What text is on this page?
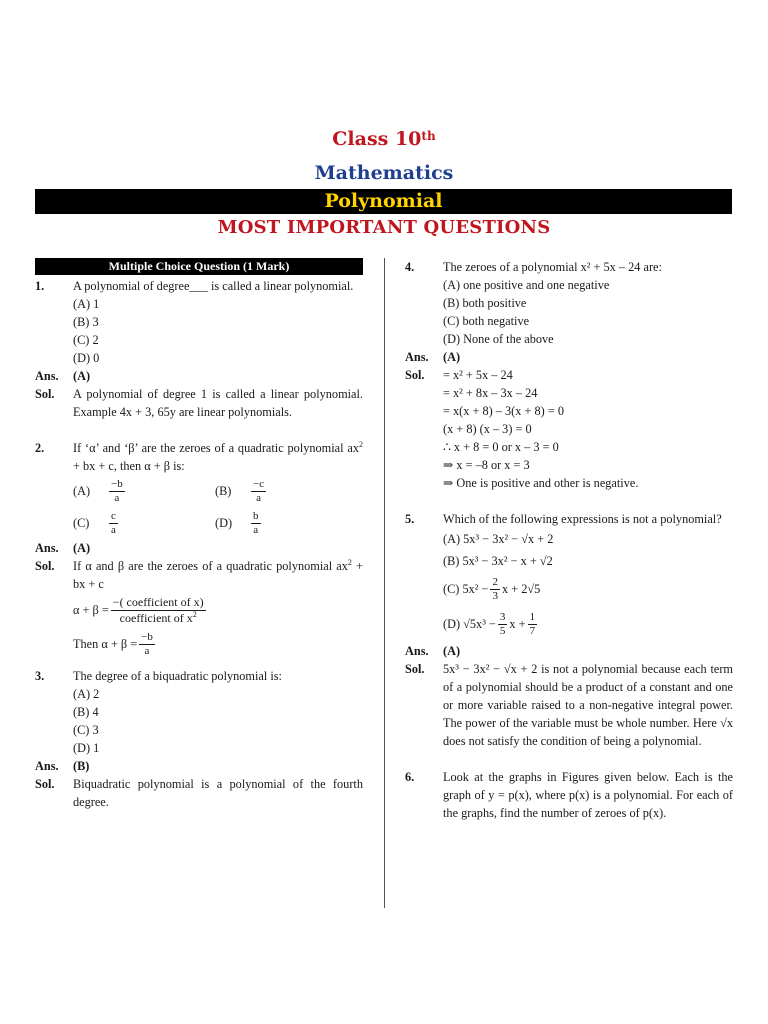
Class 10th
Mathematics
Polynomial
MOST IMPORTANT QUESTIONS
Multiple Choice Question (1 Mark)
1.	A polynomial of degree___ is called a linear polynomial.
(A) 1
(B) 3
(C) 2
(D) 0
Ans.	(A)
Sol.	A polynomial of degree 1 is called a linear polynomial. Example 4x + 3, 65y are linear polynomials.
2.	If ‘α’ and ‘β’ are the zeroes of a quadratic polynomial $ax^2$ + bx + c, then α + β is:
(A)	$\frac{-b}{a}$	(B)	$\frac{-c}{a}$
(C)	$\frac{c}{a}$	(D)	$\frac{b}{a}$
Ans.	(A)
Sol.	If α and β are the zeroes of a quadratic polynomial $ax^2$ + bx + c
$\alpha + \beta = \frac{\text{−( coefficient of x)}}{coefficient of x^2}$
Then $\alpha + \beta = \frac{-b}{a}$
3.	The degree of a biquadratic polynomial is:
(A) 2
(B) 4
(C) 3
(D) 1
Ans.	(B)
Sol.	Biquadratic polynomial is a polynomial of the fourth degree.
4.	The zeroes of a polynomial x² + 5x – 24 are:
(A) one positive and one negative
(B) both positive
(C) both negative
(D) None of the above
Ans.	(A)
Sol.	= x² + 5x – 24
= x² + 8x – 3x – 24
= x(x + 8) – 3(x + 8) = 0
(x + 8) (x – 3) = 0
∴ x + 8 = 0 or x – 3 = 0
⇒ x = –8 or x = 3
⇒ One is positive and other is negative.
5.	Which of the following expressions is not a polynomial?
(A) 5x³ − 3x² − √x + 2
(B) 5x³ − 3x² − x + √2
(C) $5x^2 - \frac{2}{3}$ x + 2√5
(D) $√5x^3 - \frac{3}{5}$ $x + \frac{1}{7}$
Ans.	(A)
Sol.	5x³ − 3x² − √x + 2 is not a polynomial because each term of a polynomial should be a product of a constant and one or more variable raised to a non-negative integral power. The power of the variable must be whole number. Here √x does not satisfy the condition of being a polynomial.
6.	Look at the graphs in Figures given below. Each is the graph of y = p(x), where p(x) is a polynomial. For each of the graphs, find the number of zeroes of p(x).
